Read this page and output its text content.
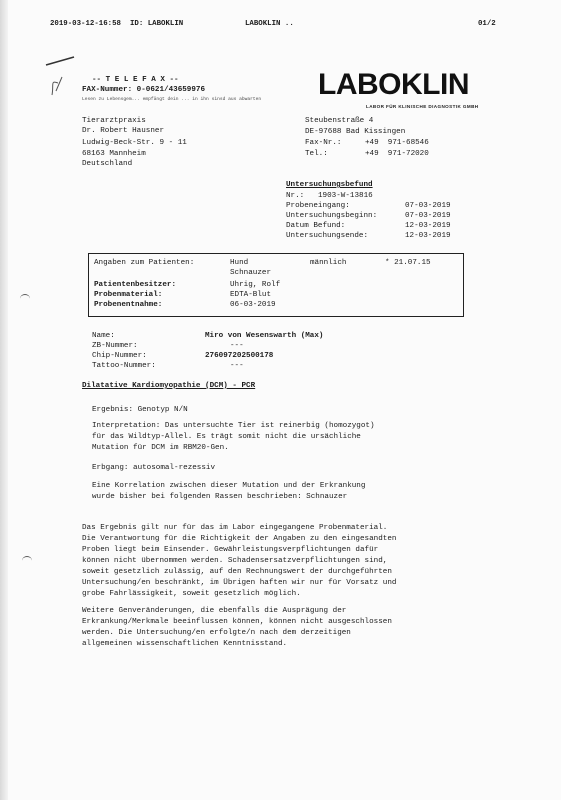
2019-03-12-16:58 ID: LABOKLIN	LABOKLIN ..	01/2
-- T E L E F A X --
FAX-Nummer: 0-0621/43659976
Lesen zu Lebensgem... empfängt dein ... in ihn sinsd aus abwarten LABOKLIN
LABOR FÜR KLINISCHE DIAGNOSTIK GMBH
Tierarztpraxis
Dr. Robert Hausner
Ludwig-Beck-Str. 9 - 11
68163 Mannheim
Deutschland
Steubenstraße 4
DE-97688 Bad Kissingen
Fax-Nr.:	+49  971-68546
Tel.:	+49  971-72020
Untersuchungsbefund
Nr.: 1903-W-13816
Probeneingang:	07-03-2019
Untersuchungsbeginn:	07-03-2019
Datum Befund:	12-03-2019
Untersuchungsende:	12-03-2019
Angaben zum Patienten:	Hund	männlich	* 21.07.15
Schnauzer
Patientenbesitzer:	Uhrig, Rolf
Probenmaterial:	EDTA-Blut
Probenentnahme:	06-03-2019
Name:	Miro von Wesenswarth (Max)
ZB-Nummer:	---
Chip-Nummer:	276097202500178
Tattoo-Nummer:	---
Dilatative Kardiomyopathie (DCM) - PCR
Ergebnis: Genotyp N/N
Interpretation: Das untersuchte Tier ist reinerbig (homozygot)
für das Wildtyp-Allel. Es trägt somit nicht die ursächliche
Mutation für DCM im RBM20-Gen.
Erbgang: autosomal-rezessiv
Eine Korrelation zwischen dieser Mutation und der Erkrankung
wurde bisher bei folgenden Rassen beschrieben: Schnauzer
Das Ergebnis gilt nur für das im Labor eingegangene Probenmaterial.
Die Verantwortung für die Richtigkeit der Angaben zu den eingesandten
Proben liegt beim Einsender. Gewährleistungsverpflichtungen dafür
können nicht übernommen werden. Schadensersatzverpflichtungen sind,
soweit gesetzlich zulässig, auf den Rechnungswert der durchgeführten
Untersuchung/en beschränkt, im Übrigen haften wir nur für Vorsatz und
grobe Fahrlässigkeit, soweit gesetzlich möglich.
Weitere Genveränderungen, die ebenfalls die Ausprägung der
Erkrankung/Merkmale beeinflussen können, können nicht ausgeschlossen
werden. Die Untersuchung/en erfolgte/n nach dem derzeitigen
allgemeinen wissenschaftlichen Kenntnisstand.
